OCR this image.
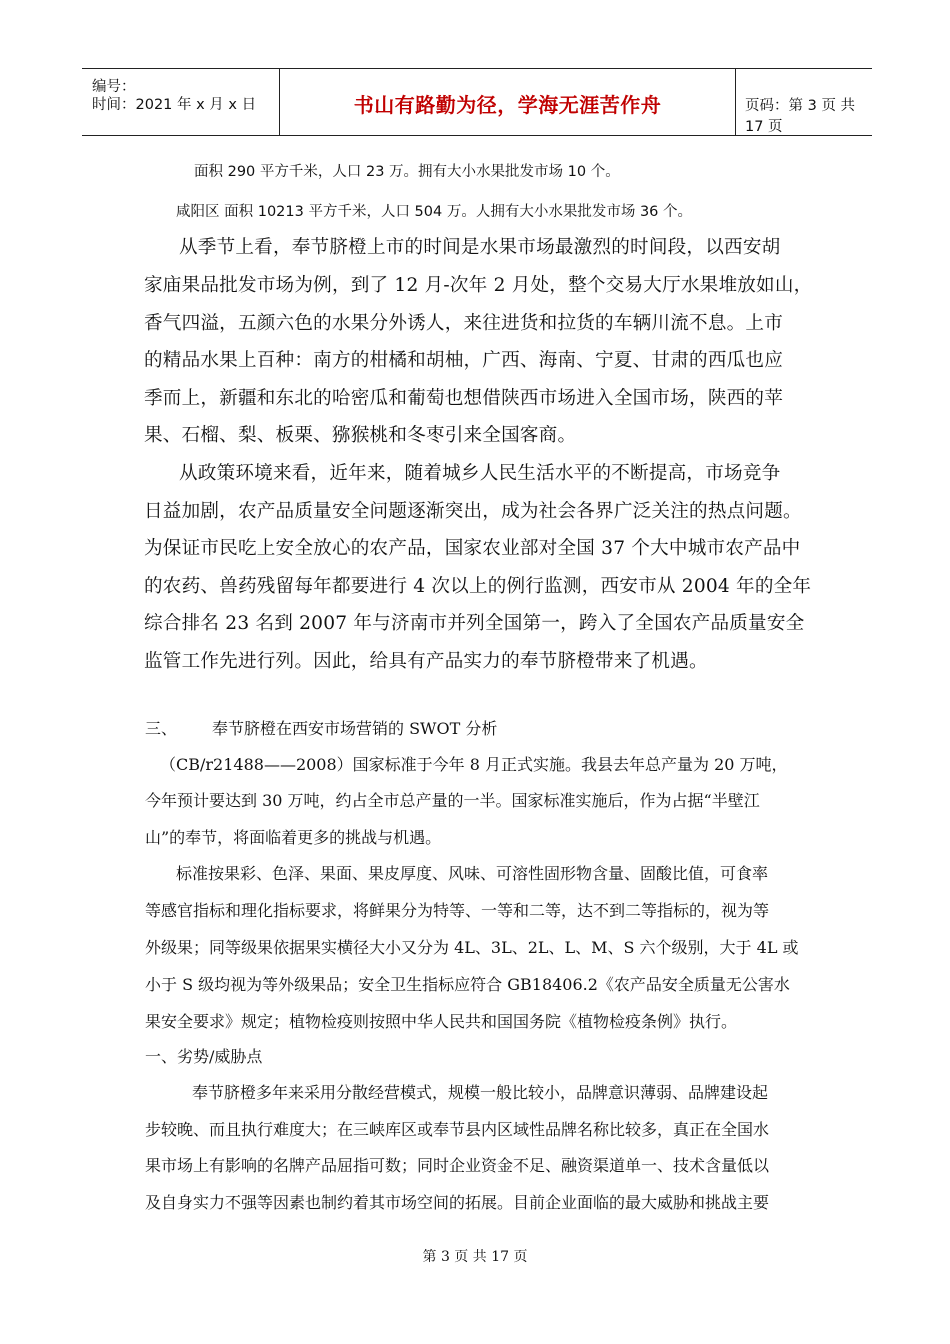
编号：
时间：2021 年 x 月 x 日	书山有路勤为径，学海无涯苦作舟	页码：第 3 页 共 17 页
面积 290 平方千米，人口 23 万。拥有大小水果批发市场 10 个。
咸阳区 面积 10213 平方千米，人口 504 万。人拥有大小水果批发市场 36 个。
从季节上看，奉节脐橙上市的时间是水果市场最激烈的时间段，以西安胡
家庙果品批发市场为例，到了 12 月-次年 2 月处，整个交易大厅水果堆放如山，
香气四溢，五颜六色的水果分外诱人，来往进货和拉货的车辆川流不息。上市
的精品水果上百种：南方的柑橘和胡柚，广西、海南、宁夏、甘肃的西瓜也应
季而上，新疆和东北的哈密瓜和葡萄也想借陕西市场进入全国市场，陕西的苹
果、石榴、梨、板栗、猕猴桃和冬枣引来全国客商。
从政策环境来看，近年来，随着城乡人民生活水平的不断提高，市场竞争
日益加剧，农产品质量安全问题逐渐突出，成为社会各界广泛关注的热点问题。
为保证市民吃上安全放心的农产品，国家农业部对全国 37 个大中城市农产品中
的农药、兽药残留每年都要进行 4 次以上的例行监测，西安市从 2004 年的全年
综合排名 23 名到 2007 年与济南市并列全国第一，跨入了全国农产品质量安全
监管工作先进行列。因此，给具有产品实力的奉节脐橙带来了机遇。
三、 奉节脐橙在西安市场营销的 SWOT 分析
（CB/r21488——2008）国家标准于今年 8 月正式实施。我县去年总产量为 20 万吨，
今年预计要达到 30 万吨，约占全市总产量的一半。国家标准实施后，作为占据“半壁江
山”的奉节，将面临着更多的挑战与机遇。
标准按果彩、色泽、果面、果皮厚度、风味、可溶性固形物含量、固酸比值，可食率
等感官指标和理化指标要求，将鲜果分为特等、一等和二等，达不到二等指标的，视为等
外级果；同等级果依据果实横径大小又分为 4L、3L、2L、L、M、S 六个级别，大于 4L 或
小于 S 级均视为等外级果品；安全卫生指标应符合 GB18406.2《农产品安全质量无公害水
果安全要求》规定；植物检疫则按照中华人民共和国国务院《植物检疫条例》执行。
一、劣势/威胁点
奉节脐橙多年来采用分散经营模式，规模一般比较小，品牌意识薄弱、品牌建设起
步较晚、而且执行难度大；在三峡库区或奉节县内区域性品牌名称比较多，真正在全国水
果市场上有影响的名牌产品屈指可数；同时企业资金不足、融资渠道单一、技术含量低以
及自身实力不强等因素也制约着其市场空间的拓展。目前企业面临的最大威胁和挑战主要
第 3 页 共 17 页
